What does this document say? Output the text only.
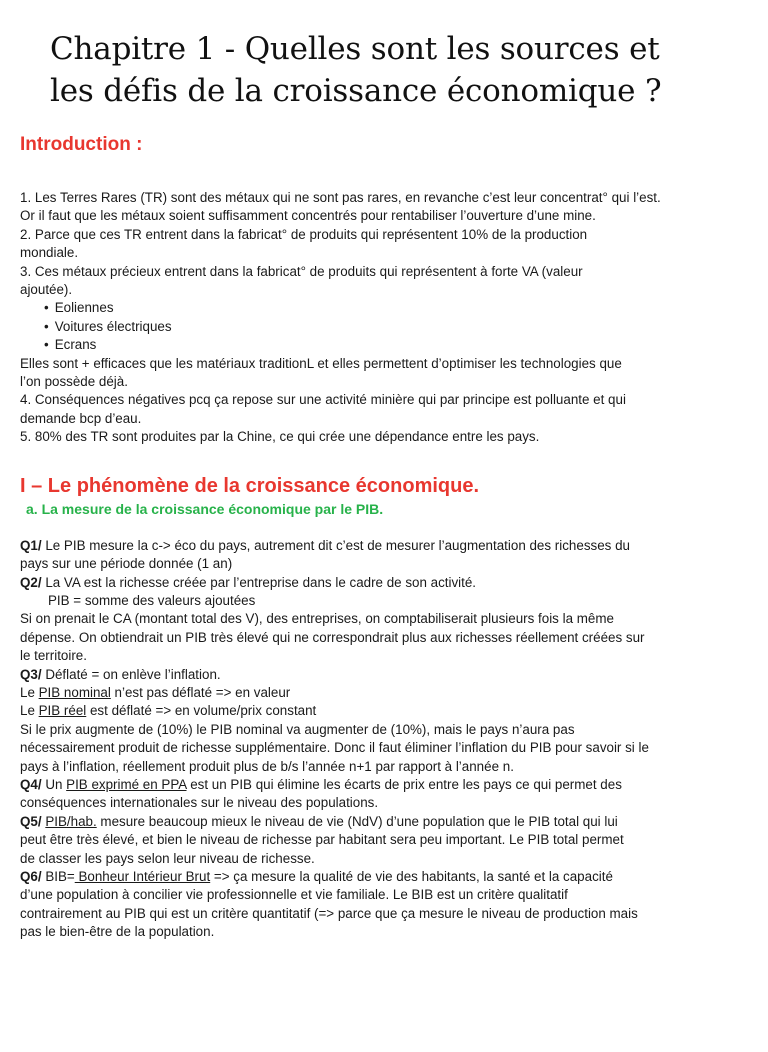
Chapitre 1 - Quelles sont les sources et
les défis de la croissance économique ?
Introduction :

1. Les Terres Rares (TR) sont des métaux qui ne sont pas rares, en revanche c’est leur concentrat° qui l’est.

Or il faut que les métaux soient suffisamment concentrés pour rentabiliser l’ouverture d’une mine.

2. Parce que ces TR entrent dans la fabricat° de produits qui représentent 10% de la production

mondiale.

3. Ces métaux précieux entrent dans la fabricat° de produits qui représentent à forte VA (valeur

ajoutée).

• Eoliennes
• Voitures électriques
• Ecrans

Elles sont + efficaces que les matériaux traditionL et elles permettent d’optimiser les technologies que

l’on possède déjà.

4. Conséquences négatives pcq ça repose sur une activité minière qui par principe est polluante et qui

demande bcp d’eau.

5. 80% des TR sont produites par la Chine, ce qui crée une dépendance entre les pays.

I – Le phénomène de la croissance économique.
a. La mesure de la croissance économique par le PIB.

Q1/ Le PIB mesure la c-> éco du pays, autrement dit c’est de mesurer l’augmentation des richesses du

pays sur une période donnée (1 an)

Q2/ La VA est la richesse créée par l’entreprise dans le cadre de son activité.

PIB = somme des valeurs ajoutées

Si on prenait le CA (montant total des V), des entreprises, on comptabiliserait plusieurs fois la même

dépense. On obtiendrait un PIB très élevé qui ne correspondrait plus aux richesses réellement créées sur

le territoire.

Q3/ Déflaté = on enlève l’inflation.

Le PIB nominal n’est pas déflaté => en valeur

Le PIB réel est déflaté => en volume/prix constant

Si le prix augmente de (10%) le PIB nominal va augmenter de (10%), mais le pays n’aura pas

nécessairement produit de richesse supplémentaire. Donc il faut éliminer l’inflation du PIB pour savoir si le

pays à l’inflation, réellement produit plus de b/s l’année n+1 par rapport à l’année n.

Q4/ Un PIB exprimé en PPA est un PIB qui élimine les écarts de prix entre les pays ce qui permet des

conséquences internationales sur le niveau des populations.

Q5/ PIB/hab. mesure beaucoup mieux le niveau de vie (NdV) d’une population que le PIB total qui lui

peut être très élevé, et bien le niveau de richesse par habitant sera peu important. Le PIB total permet

de classer les pays selon leur niveau de richesse.

Q6/ BIB= Bonheur Intérieur Brut => ça mesure la qualité de vie des habitants, la santé et la capacité

d’une population à concilier vie professionnelle et vie familiale. Le BIB est un critère qualitatif

contrairement au PIB qui est un critère quantitatif (=> parce que ça mesure le niveau de production mais

pas le bien-être de la population.
